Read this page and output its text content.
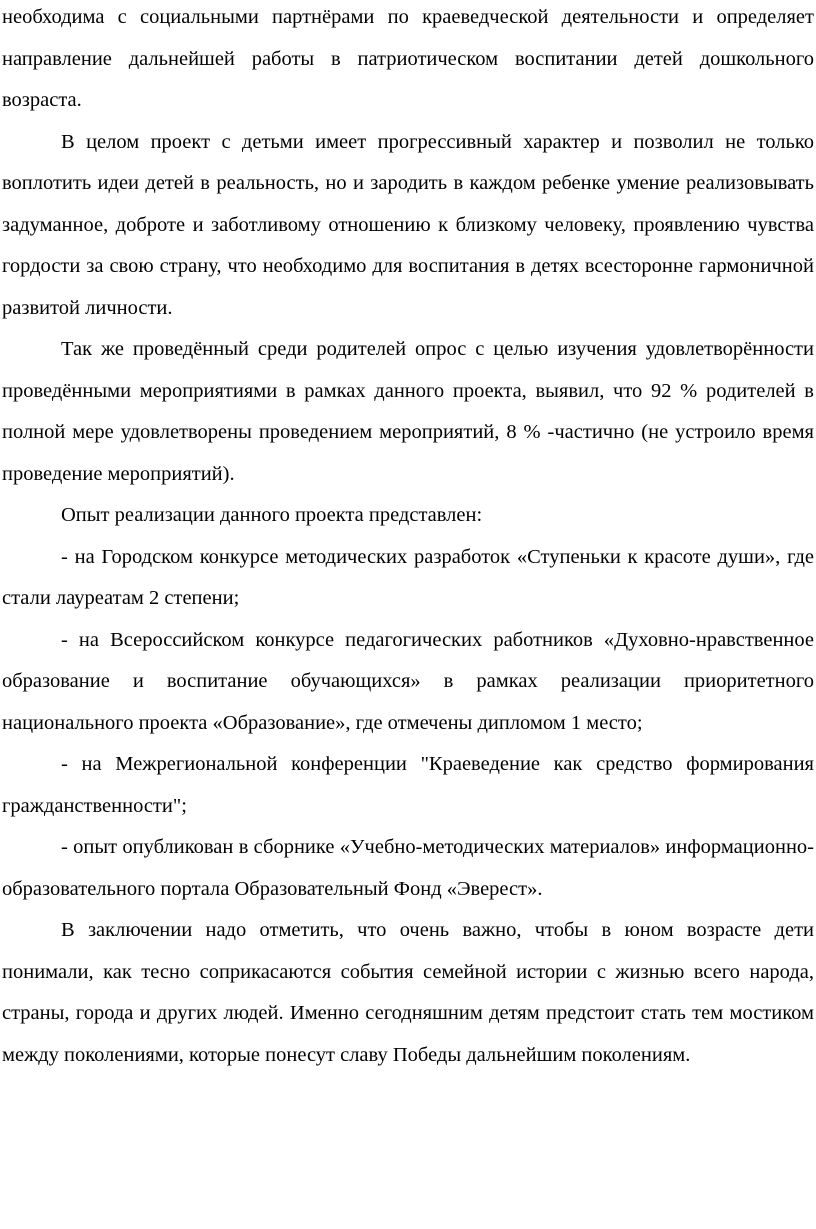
необходима с социальными партнёрами по краеведческой деятельности и определяет направление дальнейшей работы в патриотическом воспитании детей дошкольного возраста.

В целом проект с детьми имеет прогрессивный характер и позволил не только воплотить идеи детей в реальность, но и зародить в каждом ребенке умение реализовывать задуманное, доброте и заботливому отношению к близкому человеку, проявлению чувства гордости за свою страну, что необходимо для воспитания в детях всесторонне гармоничной развитой личности.

Так же проведённый среди родителей опрос с целью изучения удовлетворённости проведёнными мероприятиями в рамках данного проекта, выявил, что 92 % родителей в полной мере удовлетворены проведением мероприятий, 8 % -частично (не устроило время проведение мероприятий).

Опыт реализации данного проекта представлен:

- на Городском конкурсе методических разработок «Ступеньки к красоте души», где стали лауреатам 2 степени;

- на Всероссийском конкурсе педагогических работников «Духовно-нравственное образование и воспитание обучающихся» в рамках реализации приоритетного национального проекта «Образование», где отмечены дипломом 1 место;

- на Межрегиональной конференции "Краеведение как средство формирования гражданственности";

- опыт опубликован в сборнике «Учебно-методических материалов» информационно-образовательного портала Образовательный Фонд «Эверест».

В заключении надо отметить, что очень важно, чтобы в юном возрасте дети понимали, как тесно соприкасаются события семейной истории с жизнью всего народа, страны, города и других людей. Именно сегодняшним детям предстоит стать тем мостиком между поколениями, которые понесут славу Победы дальнейшим поколениям.
